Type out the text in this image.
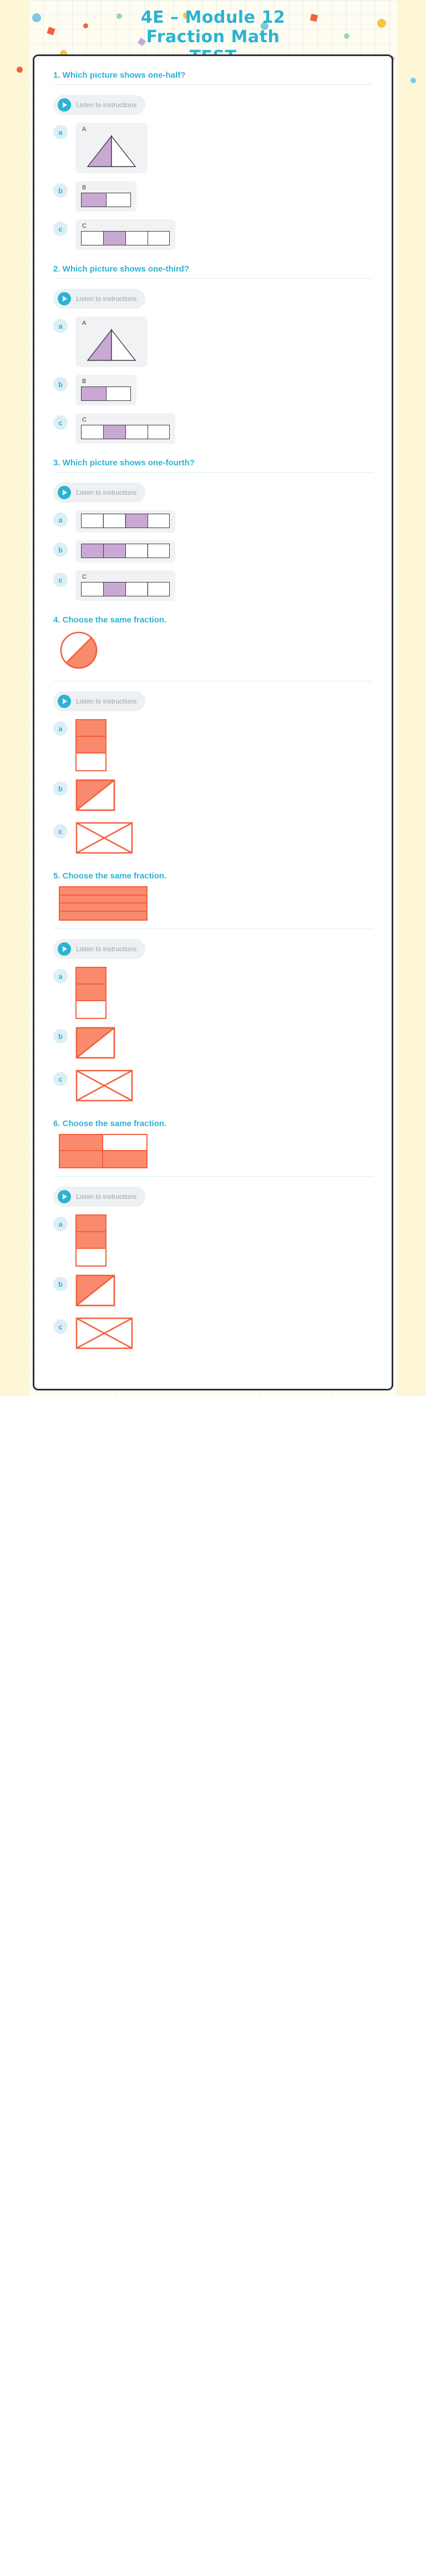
4E – Module 12
Fraction Math

1. Which picture shows one-half?

Listen to instructions
a	A
b	B
c	C

2. Which picture shows one-third?

Listen to instructions
a	A
b	B
c	C

3. Which picture shows one-fourth?

Listen to instructions
a
b
c	C

4. Choose the same fraction.

Listen to instructions
a
b
c

5. Choose the same fraction.

Listen to instructions
a
b
c

6. Choose the same fraction.

Listen to instructions
a
b
c
